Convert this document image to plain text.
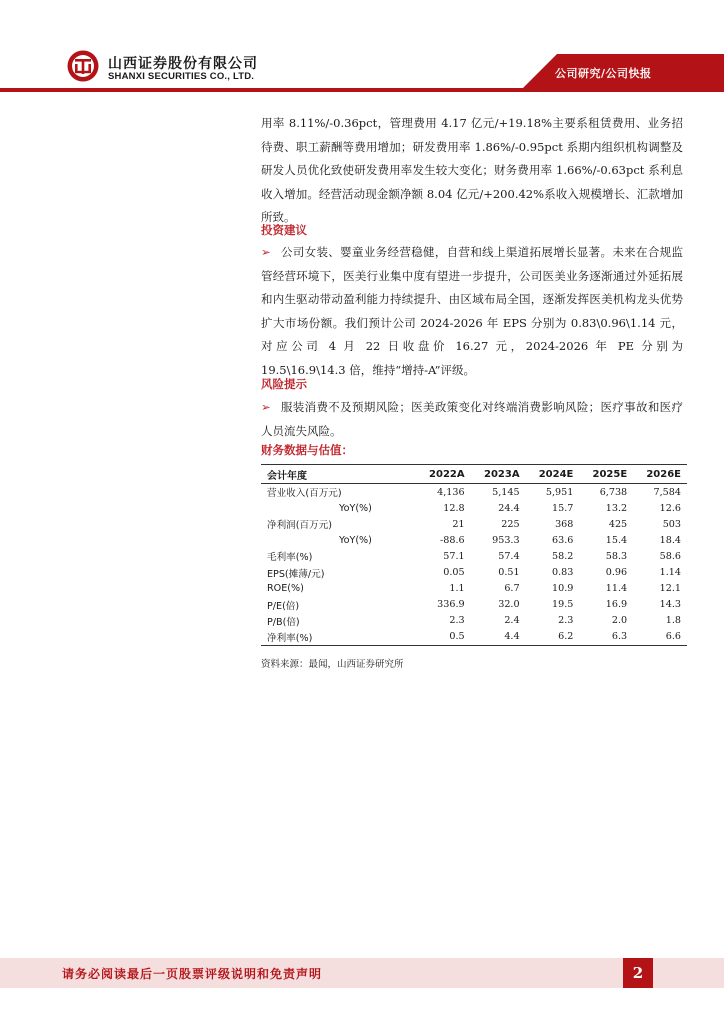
山西证券股份有限公司
SHANXI SECURITIES CO., LTD.	公司研究/公司快报

用率 8.11%/-0.36pct，管理费用 4.17 亿元/+19.18%主要系租赁费用、业务招待费、职工薪酬等费用增加；研发费用率 1.86%/-0.95pct 系期内组织机构调整及研发人员优化致使研发费用率发生较大变化；财务费用率 1.66%/-0.63pct 系利息收入增加。经营活动现金额净额 8.04 亿元/+200.42%系收入规模增长、汇款增加所致。

投资建议

➢ 公司女装、婴童业务经营稳健，自营和线上渠道拓展增长显著。未来在合规监管经营环境下，医美行业集中度有望进一步提升，公司医美业务逐渐通过外延拓展和内生驱动带动盈利能力持续提升、由区域布局全国，逐渐发挥医美机构龙头优势扩大市场份额。我们预计公司 2024-2026 年 EPS 分别为 0.83\0.96\1.14 元，对应公司 4 月 22 日收盘价 16.27 元，2024-2026 年 PE 分别为 19.5\16.9\14.3 倍，维持“增持-A”评级。

风险提示

➢ 服装消费不及预期风险；医美政策变化对终端消费影响风险；医疗事故和医疗人员流失风险。

财务数据与估值：
会计年度	2022A	2023A	2024E	2025E	2026E
营业收入(百万元)	4,136	5,145	5,951	6,738	7,584
YoY(%)	12.8	24.4	15.7	13.2	12.6
净利润(百万元)	21	225	368	425	503
YoY(%)	-88.6	953.3	63.6	15.4	18.4
毛利率(%)	57.1	57.4	58.2	58.3	58.6
EPS(摊薄/元)	0.05	0.51	0.83	0.96	1.14
ROE(%)	1.1	6.7	10.9	11.4	12.1
P/E(倍)	336.9	32.0	19.5	16.9	14.3
P/B(倍)	2.3	2.4	2.3	2.0	1.8
净利率(%)	0.5	4.4	6.2	6.3	6.6
资料来源：最闻，山西证券研究所
请务必阅读最后一页股票评级说明和免责声明	2
